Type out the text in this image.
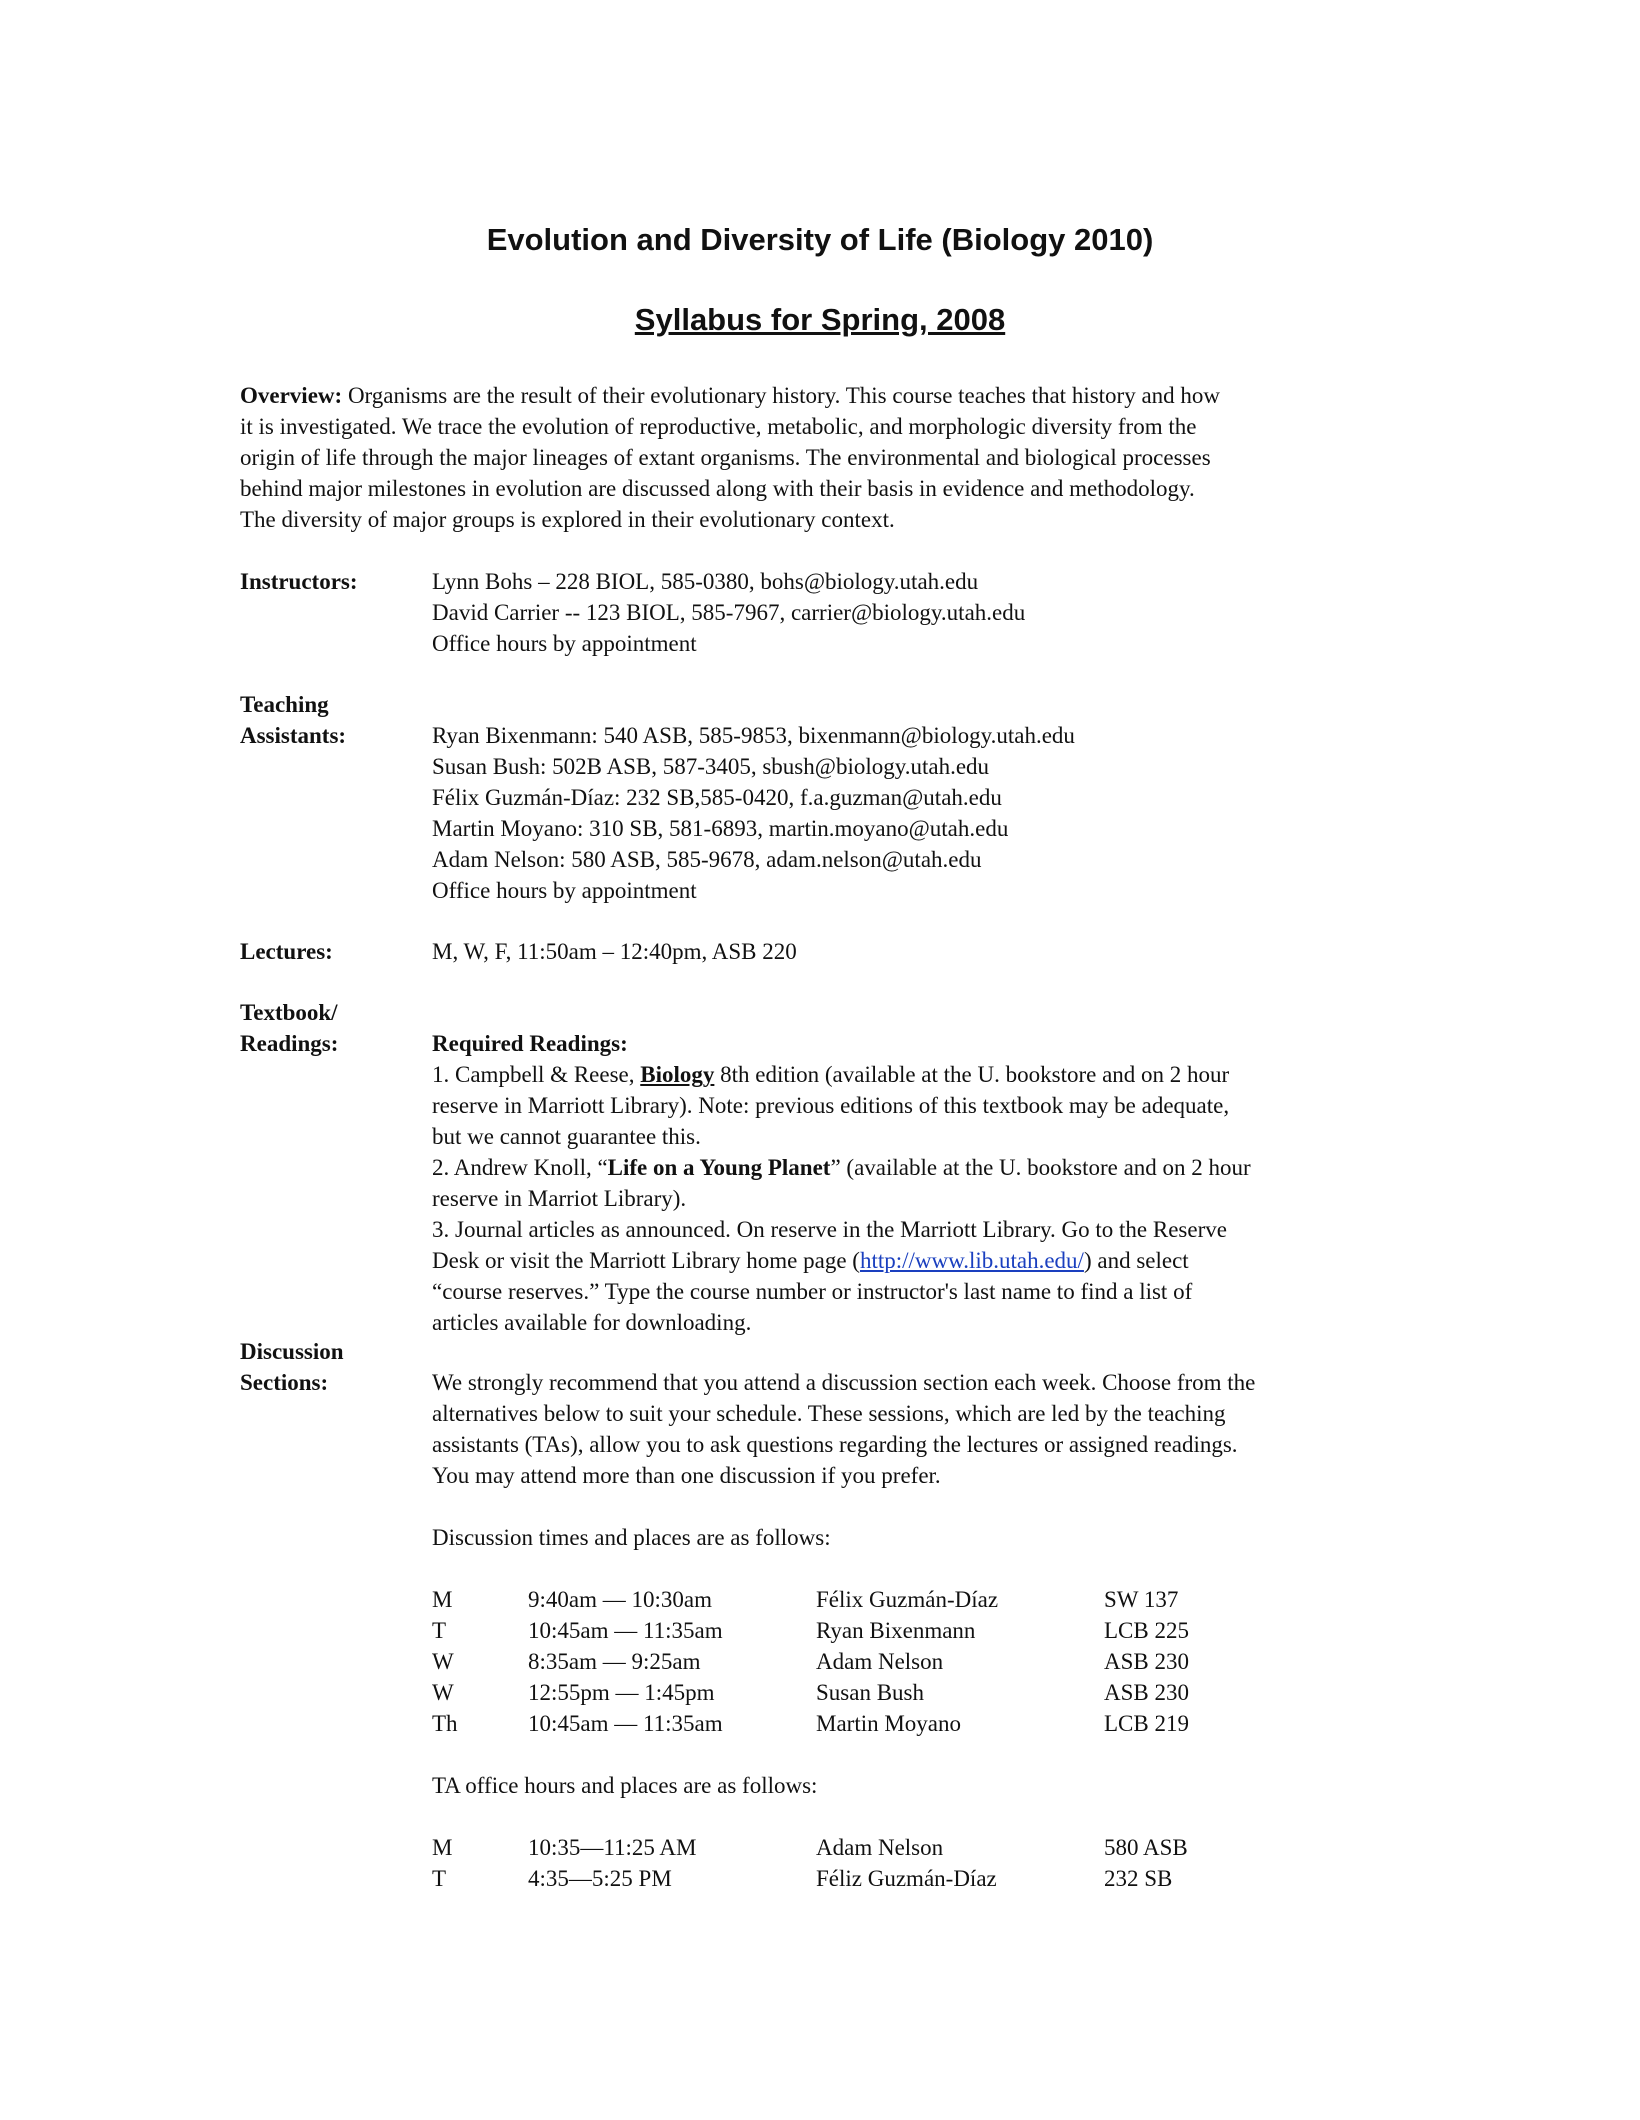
Evolution and Diversity of Life (Biology 2010)
Syllabus for Spring, 2008
Overview: Organisms are the result of their evolutionary history. This course teaches that history and how
it is investigated. We trace the evolution of reproductive, metabolic, and morphologic diversity from the
origin of life through the major lineages of extant organisms. The environmental and biological processes
behind major milestones in evolution are discussed along with their basis in evidence and methodology.
The diversity of major groups is explored in their evolutionary context.
Instructors:	Lynn Bohs – 228 BIOL, 585-0380, bohs@biology.utah.edu
David Carrier -- 123 BIOL, 585-7967, carrier@biology.utah.edu
Office hours by appointment
Teaching
Assistants:	Ryan Bixenmann: 540 ASB, 585-9853, bixenmann@biology.utah.edu
Susan Bush: 502B ASB, 587-3405, sbush@biology.utah.edu
Félix Guzmán-Díaz: 232 SB,585-0420, f.a.guzman@utah.edu
Martin Moyano: 310 SB, 581-6893, martin.moyano@utah.edu
Adam Nelson: 580 ASB, 585-9678, adam.nelson@utah.edu
Office hours by appointment
Lectures:	M, W, F, 11:50am – 12:40pm, ASB 220
Textbook/
Readings:	Required Readings:
1. Campbell & Reese, Biology 8th edition (available at the U. bookstore and on 2 hour
reserve in Marriott Library). Note: previous editions of this textbook may be adequate,
but we cannot guarantee this.
2. Andrew Knoll, “Life on a Young Planet” (available at the U. bookstore and on 2 hour
reserve in Marriot Library).
3. Journal articles as announced. On reserve in the Marriott Library. Go to the Reserve
Desk or visit the Marriott Library home page (http://www.lib.utah.edu/) and select
“course reserves.” Type the course number or instructor's last name to find a list of
articles available for downloading.
Discussion
Sections:	We strongly recommend that you attend a discussion section each week. Choose from the
alternatives below to suit your schedule. These sessions, which are led by the teaching
assistants (TAs), allow you to ask questions regarding the lectures or assigned readings.
You may attend more than one discussion if you prefer.
Discussion times and places are as follows:
M	9:40am — 10:30am	Félix Guzmán-Díaz	SW 137
T	10:45am — 11:35am	Ryan Bixenmann	LCB 225
W	8:35am — 9:25am	Adam Nelson	ASB 230
W	12:55pm — 1:45pm	Susan Bush	ASB 230
Th	10:45am — 11:35am	Martin Moyano	LCB 219
TA office hours and places are as follows:
M	10:35—11:25 AM	Adam Nelson	580 ASB
T	4:35—5:25 PM	Féliz Guzmán-Díaz	232 SB
